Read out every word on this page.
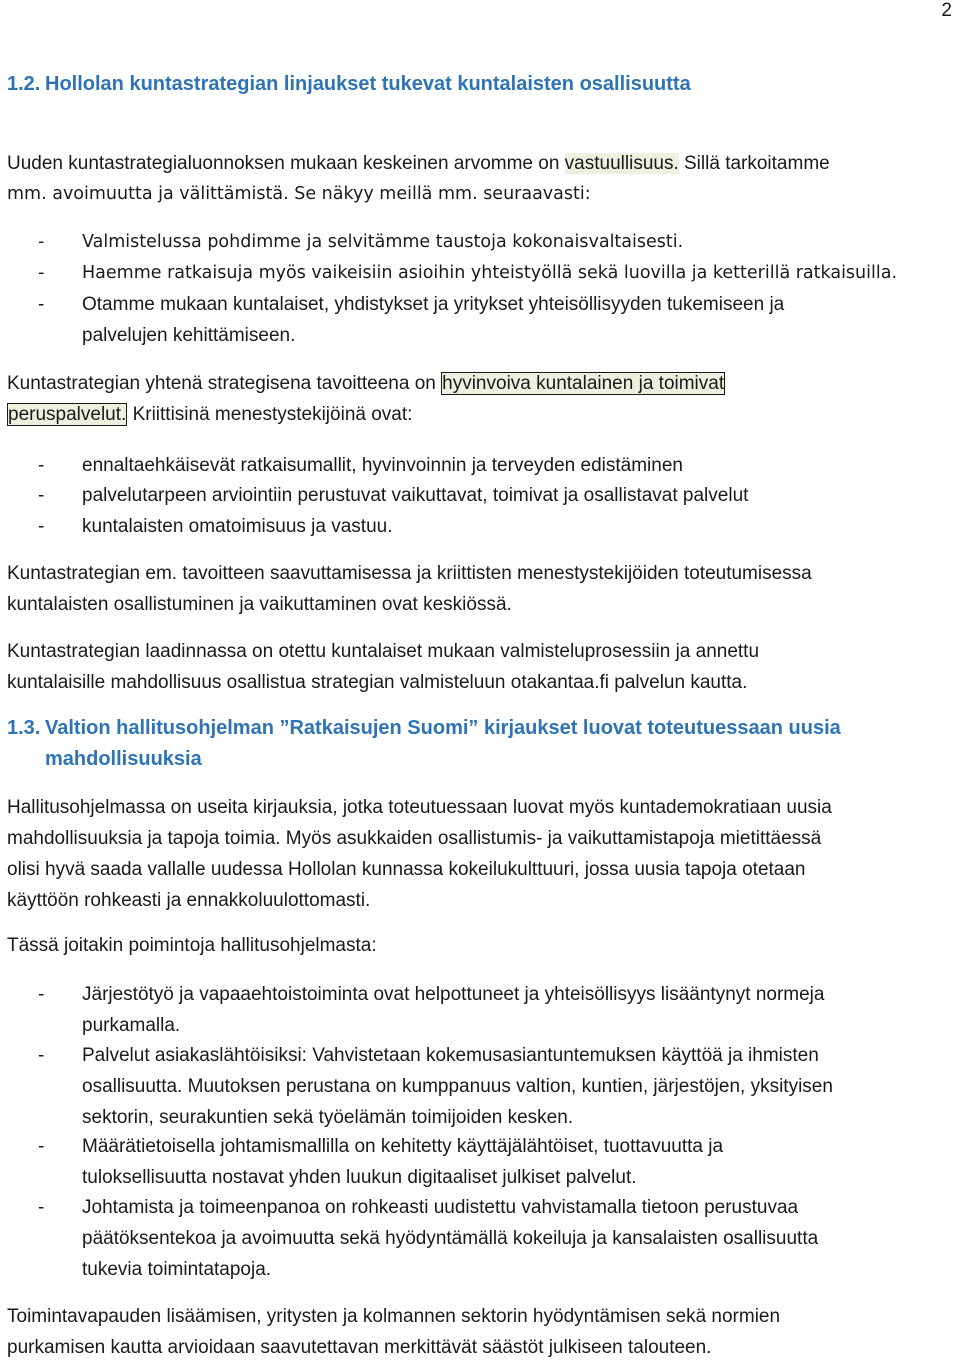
2
1.2. Hollolan kuntastrategian linjaukset tukevat kuntalaisten osallisuutta

Uuden kuntastrategialuonnoksen mukaan keskeinen arvomme on vastuullisuus. Sillä tarkoitamme
mm. avoimuutta ja välittämistä. Se näkyy meillä mm. seuraavasti:

-	Valmistelussa pohdimme ja selvitämme taustoja kokonaisvaltaisesti.
-	Haemme ratkaisuja myös vaikeisiin asioihin yhteistyöllä sekä luovilla ja ketterillä ratkaisuilla.
-	Otamme mukaan kuntalaiset, yhdistykset ja yritykset yhteisöllisyyden tukemiseen ja
palvelujen kehittämiseen.

Kuntastrategian yhtenä strategisena tavoitteena on hyvinvoiva kuntalainen ja toimivat
peruspalvelut. Kriittisinä menestystekijöinä ovat:

-	ennaltaehkäisevät ratkaisumallit, hyvinvoinnin ja terveyden edistäminen
-	palvelutarpeen arviointiin perustuvat vaikuttavat, toimivat ja osallistavat palvelut
-	kuntalaisten omatoimisuus ja vastuu.

Kuntastrategian em. tavoitteen saavuttamisessa ja kriittisten menestystekijöiden toteutumisessa
kuntalaisten osallistuminen ja vaikuttaminen ovat keskiössä.

Kuntastrategian laadinnassa on otettu kuntalaiset mukaan valmisteluprosessiin ja annettu
kuntalaisille mahdollisuus osallistua strategian valmisteluun otakantaa.fi palvelun kautta.

1.3. Valtion hallitusohjelman ”Ratkaisujen Suomi” kirjaukset luovat toteutuessaan uusia
mahdollisuuksia

Hallitusohjelmassa on useita kirjauksia, jotka toteutuessaan luovat myös kuntademokratiaan uusia
mahdollisuuksia ja tapoja toimia. Myös asukkaiden osallistumis- ja vaikuttamistapoja mietittäessä
olisi hyvä saada vallalle uudessa Hollolan kunnassa kokeilukulttuuri, jossa uusia tapoja otetaan
käyttöön rohkeasti ja ennakkoluulottomasti.

Tässä joitakin poimintoja hallitusohjelmasta:

-	Järjestötyö ja vapaaehtoistoiminta ovat helpottuneet ja yhteisöllisyys lisääntynyt normeja
purkamalla.
-	Palvelut asiakaslähtöisiksi: Vahvistetaan kokemusasiantuntemuksen käyttöä ja ihmisten
osallisuutta. Muutoksen perustana on kumppanuus valtion, kuntien, järjestöjen, yksityisen
sektorin, seurakuntien sekä työelämän toimijoiden kesken.
-	Määrätietoisella johtamismallilla on kehitetty käyttäjälähtöiset, tuottavuutta ja
tuloksellisuutta nostavat yhden luukun digitaaliset julkiset palvelut.
-	Johtamista ja toimeenpanoa on rohkeasti uudistettu vahvistamalla tietoon perustuvaa
päätöksentekoa ja avoimuutta sekä hyödyntämällä kokeiluja ja kansalaisten osallisuutta
tukevia toimintatapoja.

Toimintavapauden lisäämisen, yritysten ja kolmannen sektorin hyödyntämisen sekä normien
purkamisen kautta arvioidaan saavutettavan merkittävät säästöt julkiseen talouteen.
